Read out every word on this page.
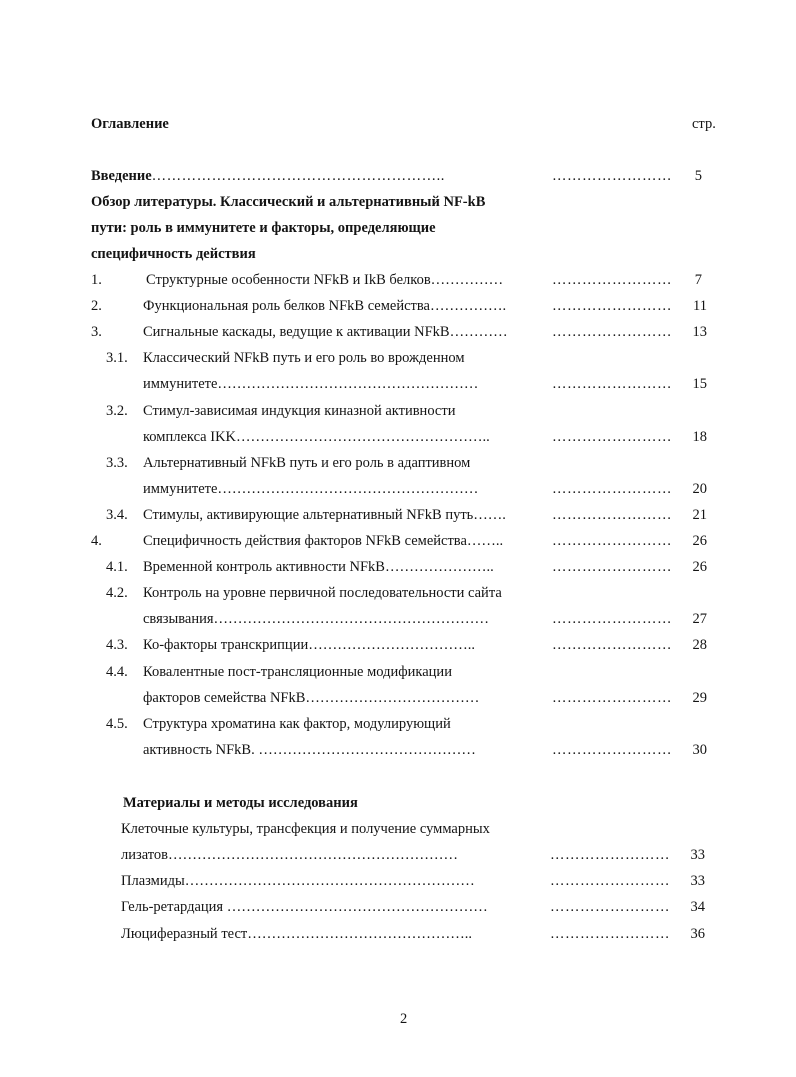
Оглавление	стр.
Введение…………………………………………………..	……………………	5
Обзор литературы. Классический и альтернативный NF-kB
пути: роль в иммунитете и факторы, определяющие
специфичность действия
1.	Структурные особенности NFkB и IkB белков……………	……………………	7
2.	Функциональная роль белков NFkB семейства…………….	……………………	11
3.	Сигнальные каскады, ведущие к активации NFkB…………	……………………	13
3.1. Классический NFkB путь и его роль во врожденном
иммунитете………………………………………………	……………………	15
3.2. Стимул-зависимая индукция киназной активности
комплекса IKK……………………………………………..	……………………	18
3.3. Альтернативный NFkB путь и его роль в адаптивном
иммунитете………………………………………………	……………………	20
3.4. Стимулы, активирующие альтернативный NFkB путь…….	……………………	21
4.	Специфичность действия факторов NFkB семейства……..	……………………	26
4.1. Временной контроль активности NFkB…………………..	……………………	26
4.2. Контроль на уровне первичной последовательности сайта
связывания…………………………………………………	……………………	27
4.3. Ко-факторы транскрипции……………………………..	……………………	28
4.4. Ковалентные пост-трансляционные модификации
факторов семейства NFkB………………………………	……………………	29
4.5. Структура хроматина как фактор, модулирующий
активность NFkB. ………………………………………	……………………	30
Материалы и методы исследования
Клеточные культуры, трансфекция и получение суммарных
лизатов……………………………………………………	……………………	33
Плазмиды……………………………………………………	……………………	33
Гель-ретардация ………………………………………………	……………………	34
Люциферазный тест………………………………………..	……………………	36
2
